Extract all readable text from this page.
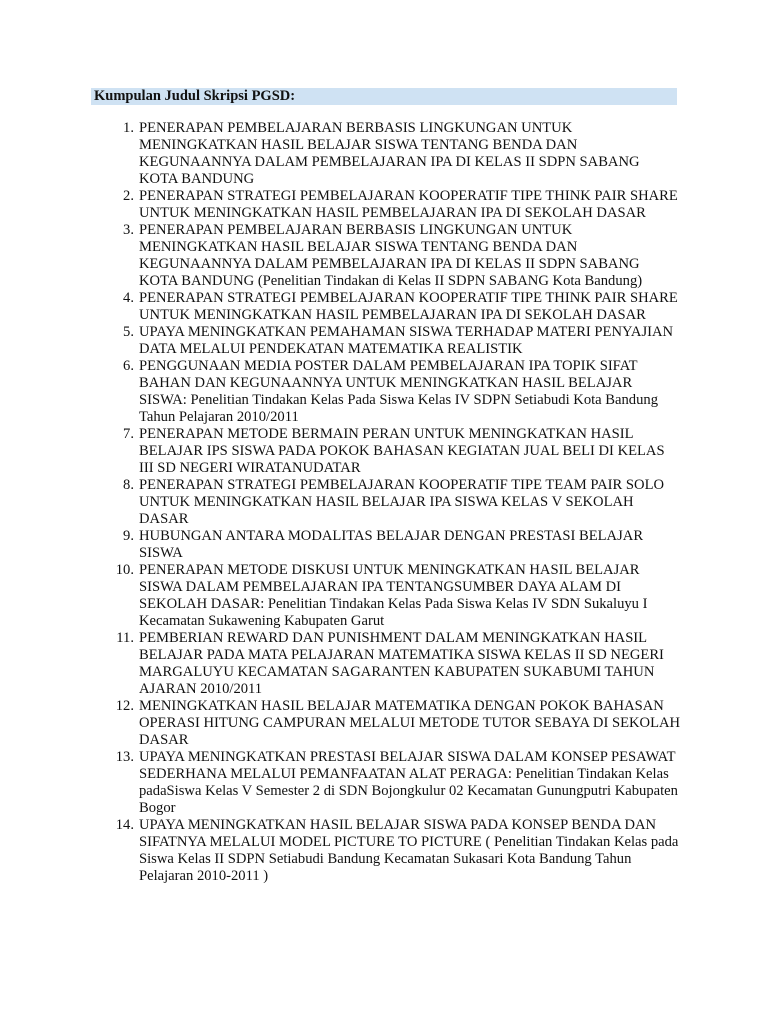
Kumpulan Judul Skripsi PGSD:
1. PENERAPAN PEMBELAJARAN BERBASIS LINGKUNGAN UNTUK MENINGKATKAN HASIL BELAJAR SISWA TENTANG BENDA DAN KEGUNAANNYA DALAM PEMBELAJARAN IPA DI KELAS II SDPN SABANG KOTA BANDUNG
2. PENERAPAN STRATEGI PEMBELAJARAN KOOPERATIF TIPE THINK PAIR SHARE UNTUK MENINGKATKAN HASIL PEMBELAJARAN IPA DI SEKOLAH DASAR
3. PENERAPAN PEMBELAJARAN BERBASIS LINGKUNGAN UNTUK MENINGKATKAN HASIL BELAJAR SISWA TENTANG BENDA DAN KEGUNAANNYA DALAM PEMBELAJARAN IPA DI KELAS II SDPN SABANG KOTA BANDUNG (Penelitian Tindakan di Kelas II SDPN SABANG Kota Bandung)
4. PENERAPAN STRATEGI PEMBELAJARAN KOOPERATIF TIPE THINK PAIR SHARE UNTUK MENINGKATKAN HASIL PEMBELAJARAN IPA DI SEKOLAH DASAR
5. UPAYA MENINGKATKAN PEMAHAMAN SISWA TERHADAP MATERI PENYAJIAN DATA MELALUI PENDEKATAN MATEMATIKA REALISTIK
6. PENGGUNAAN MEDIA POSTER DALAM PEMBELAJARAN IPA TOPIK SIFAT BAHAN DAN KEGUNAANNYA UNTUK MENINGKATKAN HASIL BELAJAR SISWA: Penelitian Tindakan Kelas Pada Siswa Kelas IV SDPN Setiabudi Kota Bandung Tahun Pelajaran 2010/2011
7. PENERAPAN METODE BERMAIN PERAN UNTUK MENINGKATKAN HASIL BELAJAR IPS SISWA PADA POKOK BAHASAN KEGIATAN JUAL BELI DI KELAS III SD NEGERI WIRATANUDATAR
8. PENERAPAN STRATEGI PEMBELAJARAN KOOPERATIF TIPE TEAM PAIR SOLO UNTUK MENINGKATKAN HASIL BELAJAR IPA SISWA KELAS V SEKOLAH DASAR
9. HUBUNGAN ANTARA MODALITAS BELAJAR DENGAN PRESTASI BELAJAR SISWA
10. PENERAPAN METODE DISKUSI UNTUK MENINGKATKAN HASIL BELAJAR SISWA DALAM PEMBELAJARAN IPA TENTANGSUMBER DAYA ALAM DI SEKOLAH DASAR: Penelitian Tindakan Kelas Pada Siswa Kelas IV SDN Sukaluyu I Kecamatan Sukawening Kabupaten Garut
11. PEMBERIAN REWARD DAN PUNISHMENT DALAM MENINGKATKAN HASIL BELAJAR PADA MATA PELAJARAN MATEMATIKA SISWA KELAS II SD NEGERI MARGALUYU KECAMATAN SAGARANTEN KABUPATEN SUKABUMI TAHUN AJARAN 2010/2011
12. MENINGKATKAN HASIL BELAJAR MATEMATIKA DENGAN POKOK BAHASAN OPERASI HITUNG CAMPURAN MELALUI METODE TUTOR SEBAYA DI SEKOLAH DASAR
13. UPAYA MENINGKATKAN PRESTASI BELAJAR SISWA DALAM KONSEP PESAWAT SEDERHANA MELALUI PEMANFAATAN ALAT PERAGA: Penelitian Tindakan Kelas padaSiswa Kelas V Semester 2 di SDN Bojongkulur 02 Kecamatan Gunungputri Kabupaten Bogor
14. UPAYA MENINGKATKAN HASIL BELAJAR SISWA PADA KONSEP BENDA DAN SIFATNYA MELALUI MODEL PICTURE TO PICTURE ( Penelitian Tindakan Kelas pada Siswa Kelas II SDPN Setiabudi Bandung Kecamatan Sukasari Kota Bandung Tahun Pelajaran 2010-2011 )
